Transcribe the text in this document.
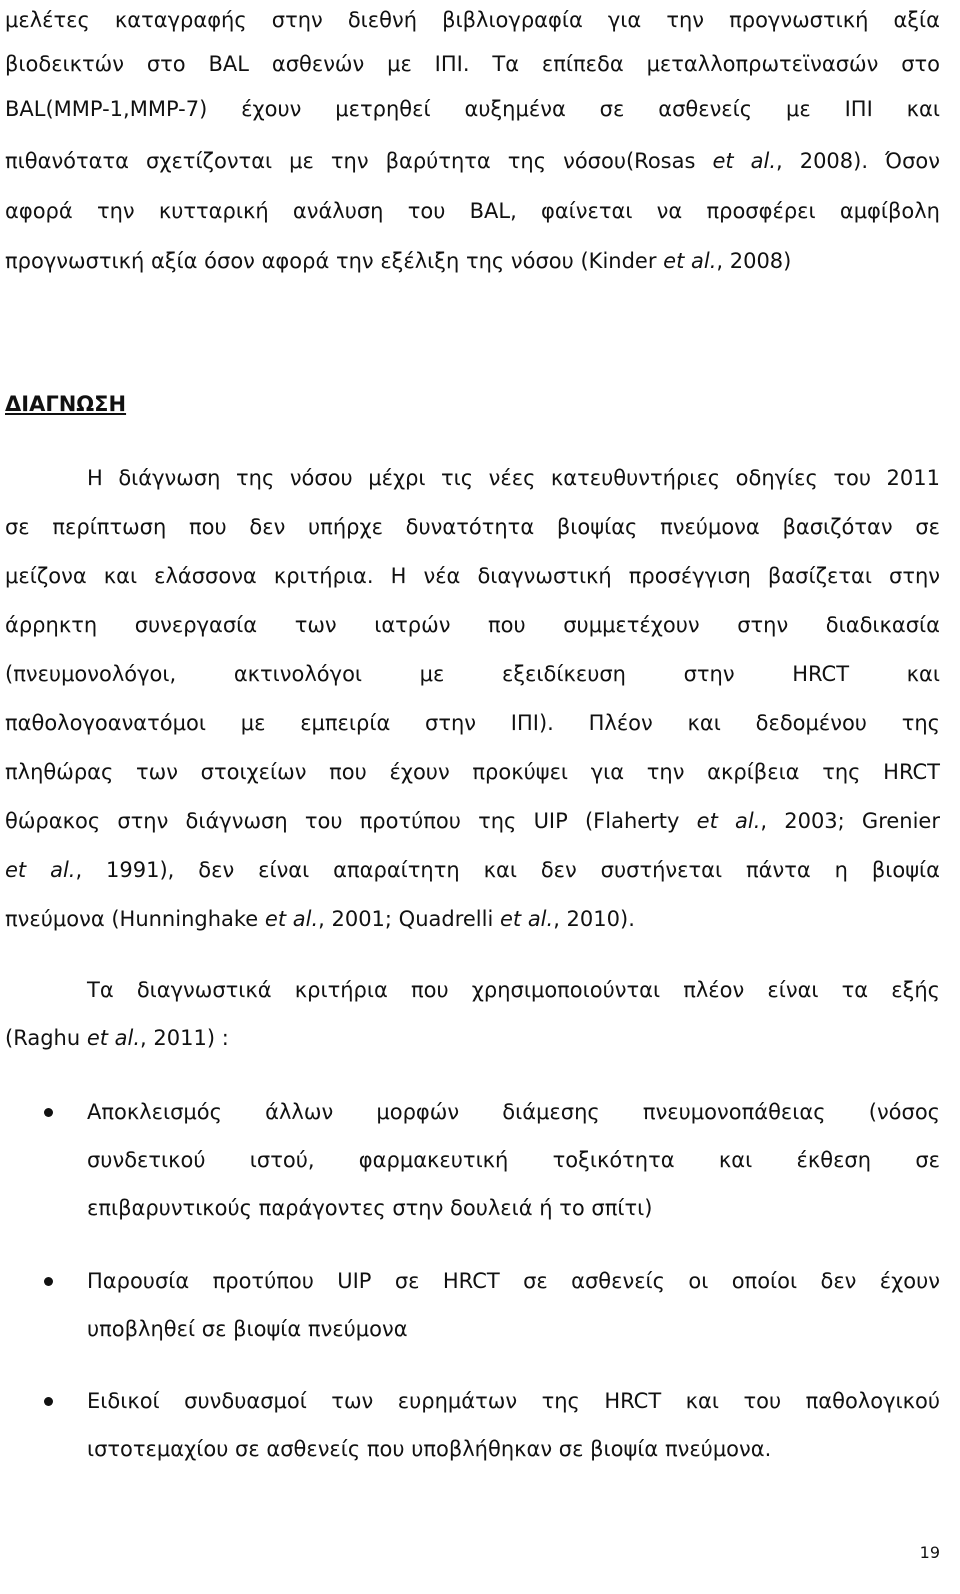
μελέτες καταγραφής στην διεθνή βιβλιογραφία για την προγνωστική αξία
βιοδεικτών στο BAL ασθενών με ΙΠΙ. Τα επίπεδα μεταλλοπρωτεϊνασών στο
BAL(MMP-1,MMP-7) έχουν μετρηθεί αυξημένα σε ασθενείς με ΙΠΙ και
πιθανότατα σχετίζονται με την βαρύτητα της νόσου(Rosas et al., 2008). Όσον
αφορά την κυτταρική ανάλυση του BAL, φαίνεται να προσφέρει αμφίβολη
προγνωστική αξία όσον αφορά την εξέλιξη της νόσου (Kinder et al., 2008)
ΔΙΑΓΝΩΣΗ
Η διάγνωση της νόσου μέχρι τις νέες κατευθυντήριες οδηγίες του 2011
σε περίπτωση που δεν υπήρχε δυνατότητα βιοψίας πνεύμονα βασιζόταν σε
μείζονα και ελάσσονα κριτήρια. Η νέα διαγνωστική προσέγγιση βασίζεται στην
άρρηκτη συνεργασία των ιατρών που συμμετέχουν στην διαδικασία
(πνευμονολόγοι, ακτινολόγοι με εξειδίκευση στην HRCT και
παθολογοανατόμοι με εμπειρία στην ΙΠΙ). Πλέον και δεδομένου της
πληθώρας των στοιχείων που έχουν προκύψει για την ακρίβεια της HRCT
θώρακος στην διάγνωση του προτύπου της UIP (Flaherty et al., 2003; Grenier
et al., 1991), δεν είναι απαραίτητη και δεν συστήνεται πάντα η βιοψία
πνεύμονα (Hunninghake et al., 2001; Quadrelli et al., 2010).
Τα διαγνωστικά κριτήρια που χρησιμοποιούνται πλέον είναι τα εξής
(Raghu et al., 2011) :
Αποκλεισμός άλλων μορφών διάμεσης πνευμονοπάθειας (νόσος
συνδετικού ιστού, φαρμακευτική τοξικότητα και έκθεση σε
επιβαρυντικούς παράγοντες στην δουλειά ή το σπίτι)
Παρουσία προτύπου UIP σε HRCT σε ασθενείς οι οποίοι δεν έχουν
υποβληθεί σε βιοψία πνεύμονα
Ειδικοί συνδυασμοί των ευρημάτων της HRCT και του παθολογικού
ιστοτεμαχίου σε ασθενείς που υποβλήθηκαν σε βιοψία πνεύμονα.
19
